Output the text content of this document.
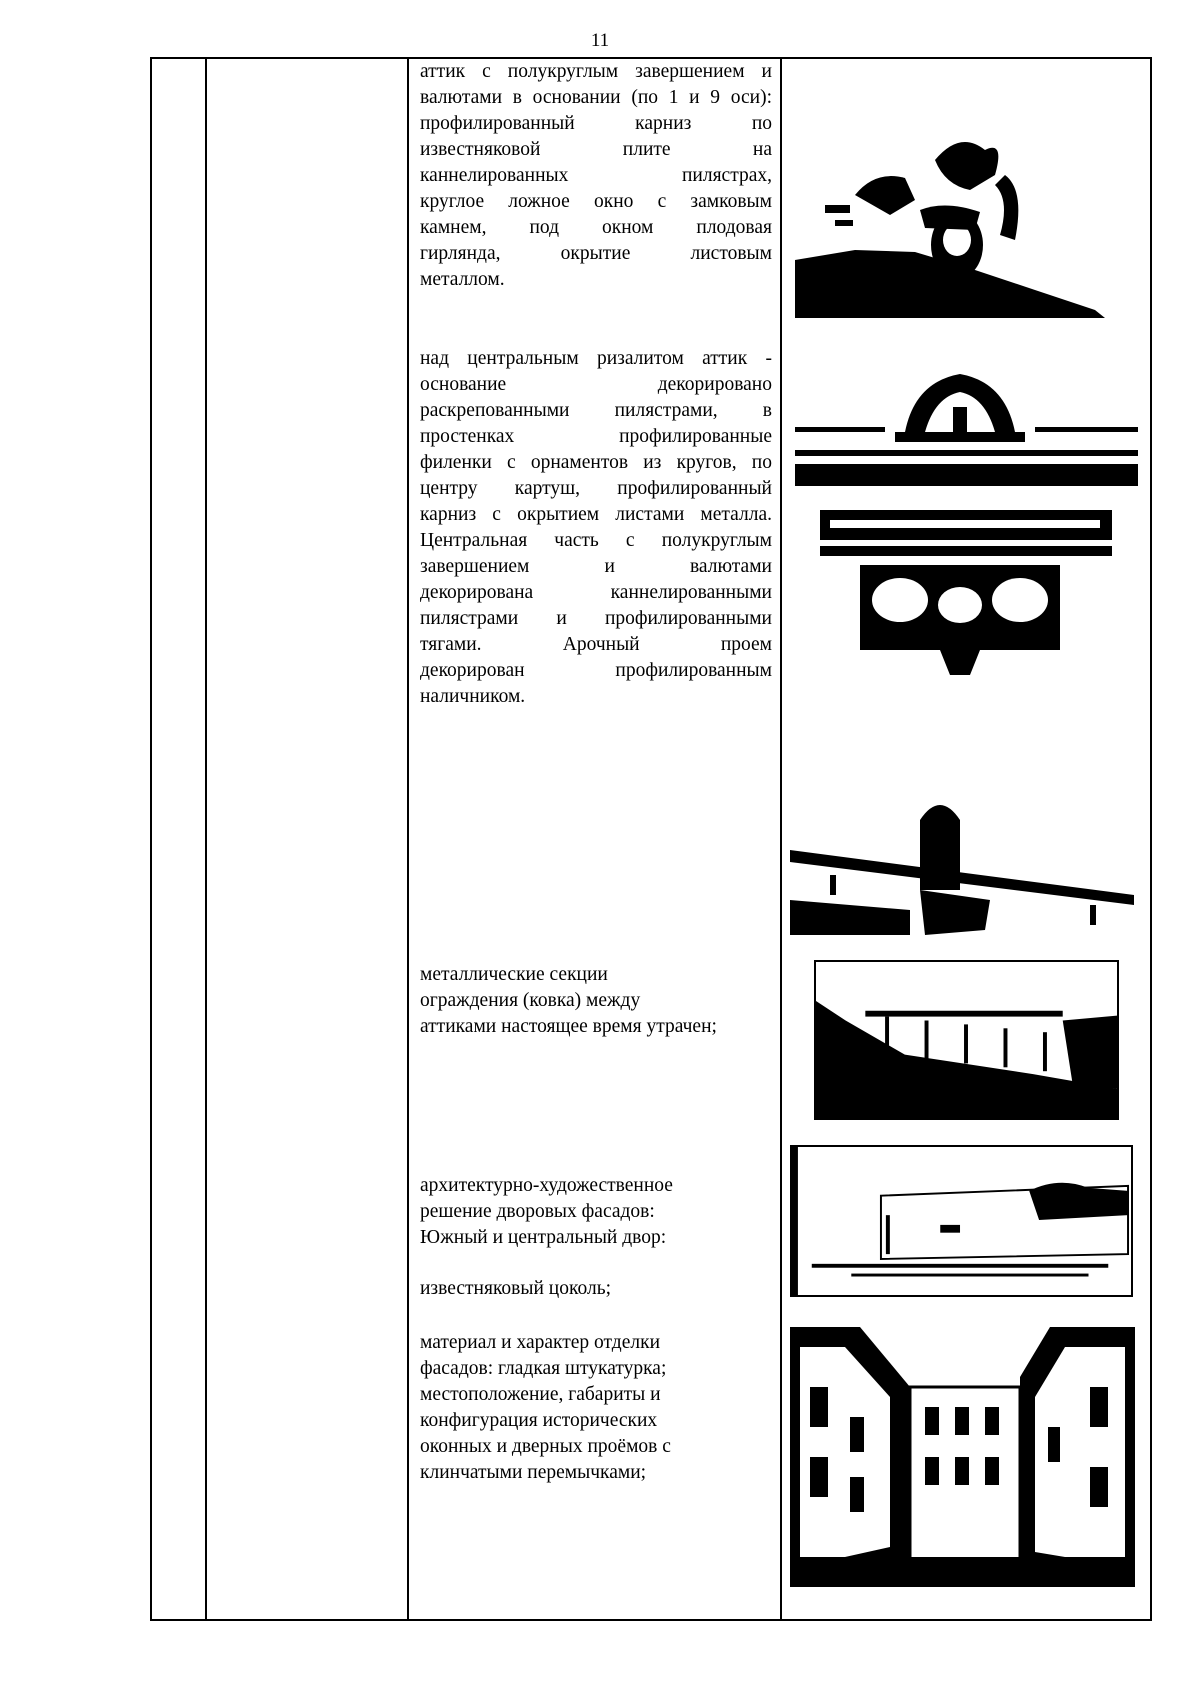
11
аттик с полукруглым завершением и
валютами в основании (по 1 и 9 оси):
профилированный карниз по
известняковой плите на
каннелированных пилястрах,
круглое ложное окно с замковым
камнем, под окном плодовая
гирлянда, окрытие листовым
металлом.
над центральным ризалитом аттик -
основание декорировано
раскрепованными пилястрами, в
простенках профилированные
филенки с орнаментов из кругов, по
центру картуш, профилированный
карниз с окрытием листами металла.
Центральная часть с полукруглым
завершением и валютами
декорирована каннелированными
пилястрами и профилированными
тягами. Арочный проем
декорирован профилированным
наличником.
металлические секции
ограждения (ковка) между
аттиками настоящее время утрачен;
архитектурно-художественное
решение дворовых фасадов:
Южный и центральный двор:
известняковый цоколь;
материал и характер отделки
фасадов: гладкая штукатурка;
местоположение, габариты и
конфигурация исторических
оконных и дверных проёмов с
клинчатыми перемычками;
